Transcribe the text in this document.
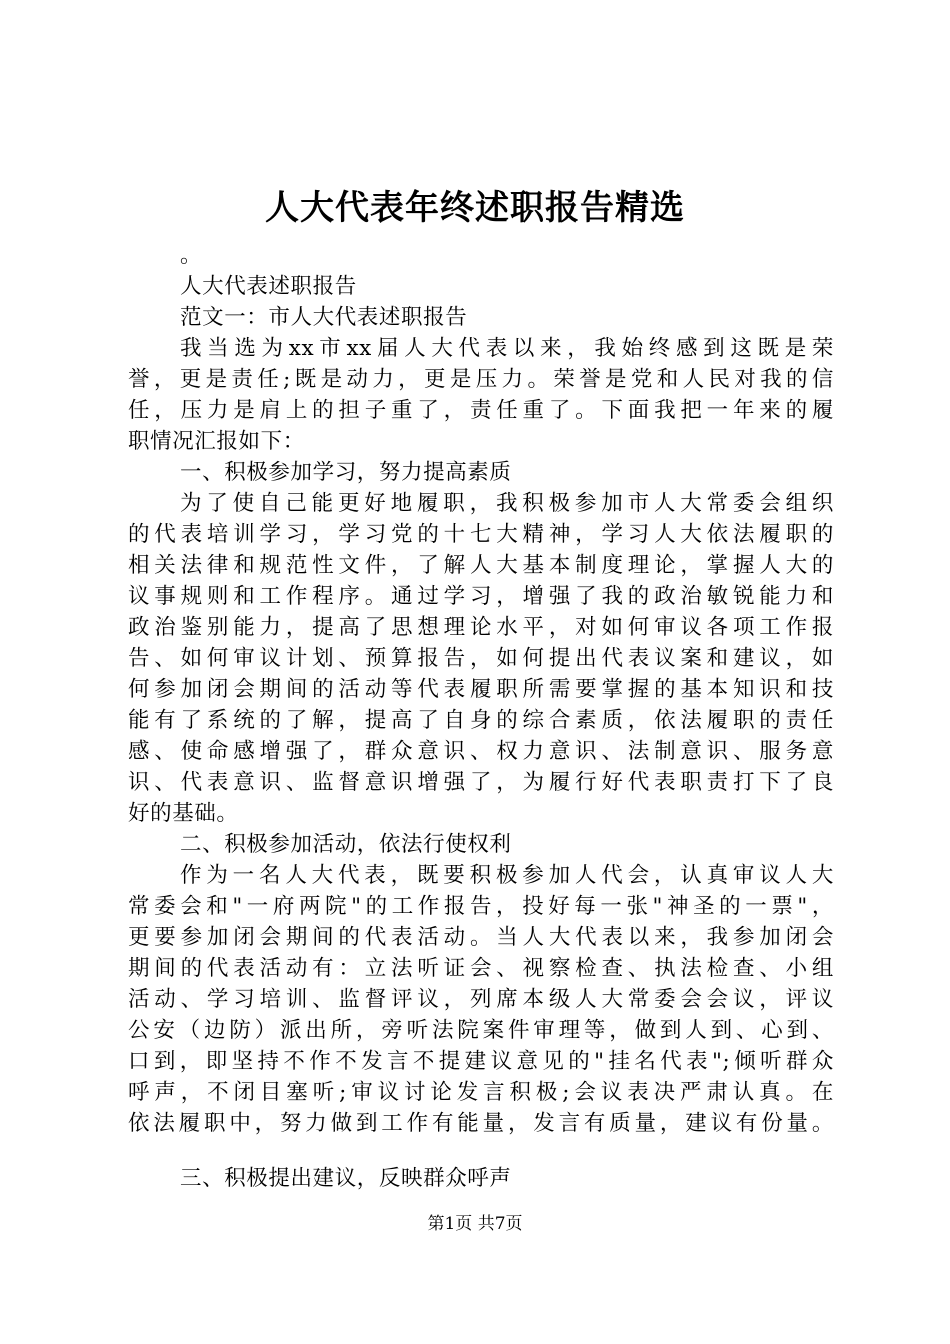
人大代表年终述职报告精选
。
人大代表述职报告
范文一：市人大代表述职报告
我当选为xx市xx届人大代表以来，我始终感到这既是荣
誉，更是责任;既是动力，更是压力。荣誉是党和人民对我的信
任，压力是肩上的担子重了，责任重了。下面我把一年来的履
职情况汇报如下：
一、积极参加学习，努力提高素质
为了使自己能更好地履职，我积极参加市人大常委会组织
的代表培训学习，学习党的十七大精神，学习人大依法履职的
相关法律和规范性文件，了解人大基本制度理论，掌握人大的
议事规则和工作程序。通过学习，增强了我的政治敏锐能力和
政治鉴别能力，提高了思想理论水平，对如何审议各项工作报
告、如何审议计划、预算报告，如何提出代表议案和建议，如
何参加闭会期间的活动等代表履职所需要掌握的基本知识和技
能有了系统的了解，提高了自身的综合素质，依法履职的责任
感、使命感增强了，群众意识、权力意识、法制意识、服务意
识、代表意识、监督意识增强了，为履行好代表职责打下了良
好的基础。
二、积极参加活动，依法行使权利
作为一名人大代表，既要积极参加人代会，认真审议人大
常委会和"一府两院"的工作报告，投好每一张"神圣的一票"，
更要参加闭会期间的代表活动。当人大代表以来，我参加闭会
期间的代表活动有：立法听证会、视察检查、执法检查、小组
活动、学习培训、监督评议，列席本级人大常委会会议，评议
公安（边防）派出所，旁听法院案件审理等，做到人到、心到、
口到，即坚持不作不发言不提建议意见的"挂名代表";倾听群众
呼声，不闭目塞听;审议讨论发言积极;会议表决严肃认真。在
依法履职中，努力做到工作有能量，发言有质量，建议有份量。
三、积极提出建议，反映群众呼声
第1页 共7页
